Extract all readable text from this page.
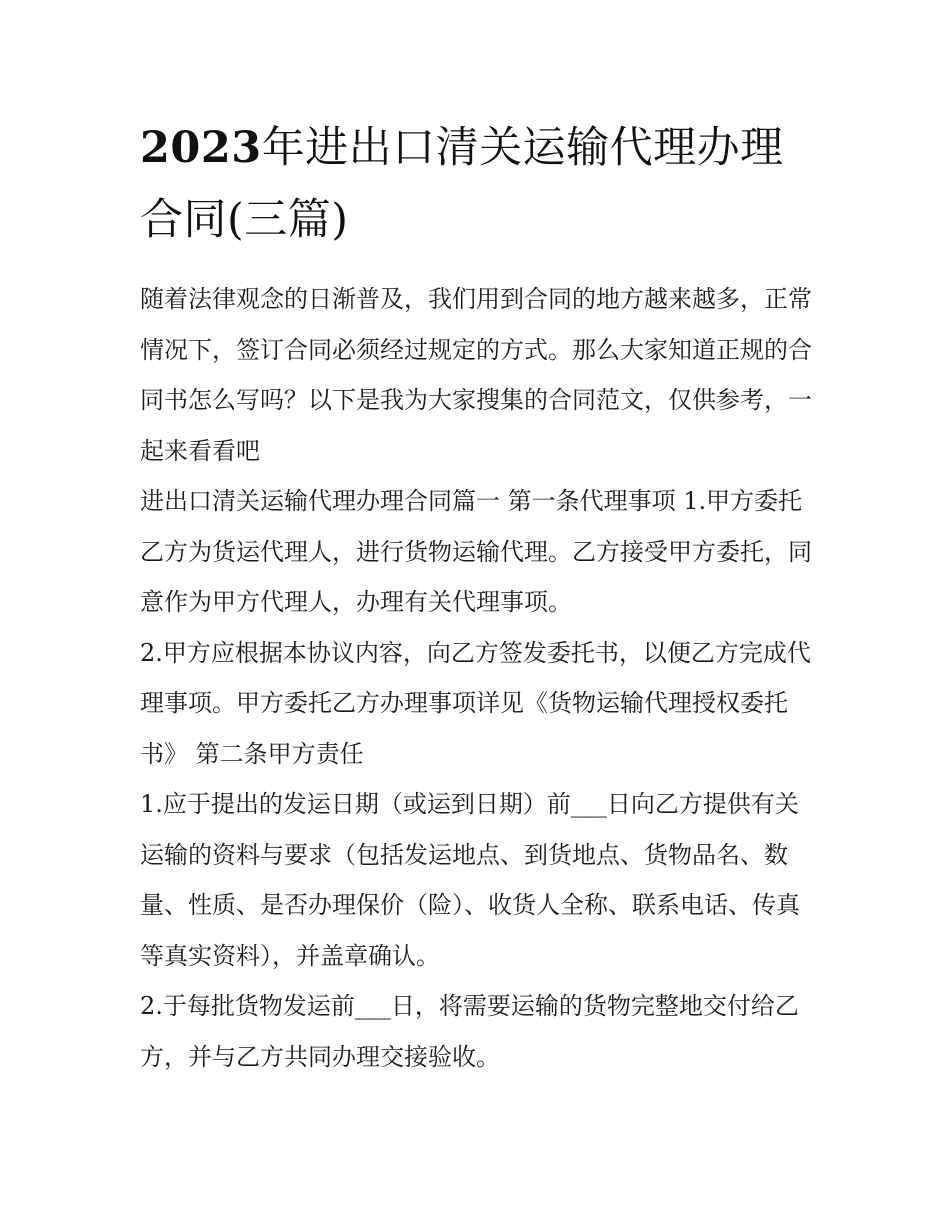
2023年进出口清关运输代理办理合同(三篇)

随着法律观念的日渐普及，我们用到合同的地方越来越多，正常情况下，签订合同必须经过规定的方式。那么大家知道正规的合同书怎么写吗？以下是我为大家搜集的合同范文，仅供参考，一起来看看吧

进出口清关运输代理办理合同篇一 第一条代理事项 1.甲方委托乙方为货运代理人，进行货物运输代理。乙方接受甲方委托，同意作为甲方代理人，办理有关代理事项。

2.甲方应根据本协议内容，向乙方签发委托书，以便乙方完成代理事项。甲方委托乙方办理事项详见《货物运输代理授权委托书》 第二条甲方责任

1.应于提出的发运日期（或运到日期）前___日向乙方提供有关运输的资料与要求（包括发运地点、到货地点、货物品名、数量、性质、是否办理保价（险）、收货人全称、联系电话、传真等真实资料），并盖章确认。

2.于每批货物发运前___日，将需要运输的货物完整地交付给乙方，并与乙方共同办理交接验收。
